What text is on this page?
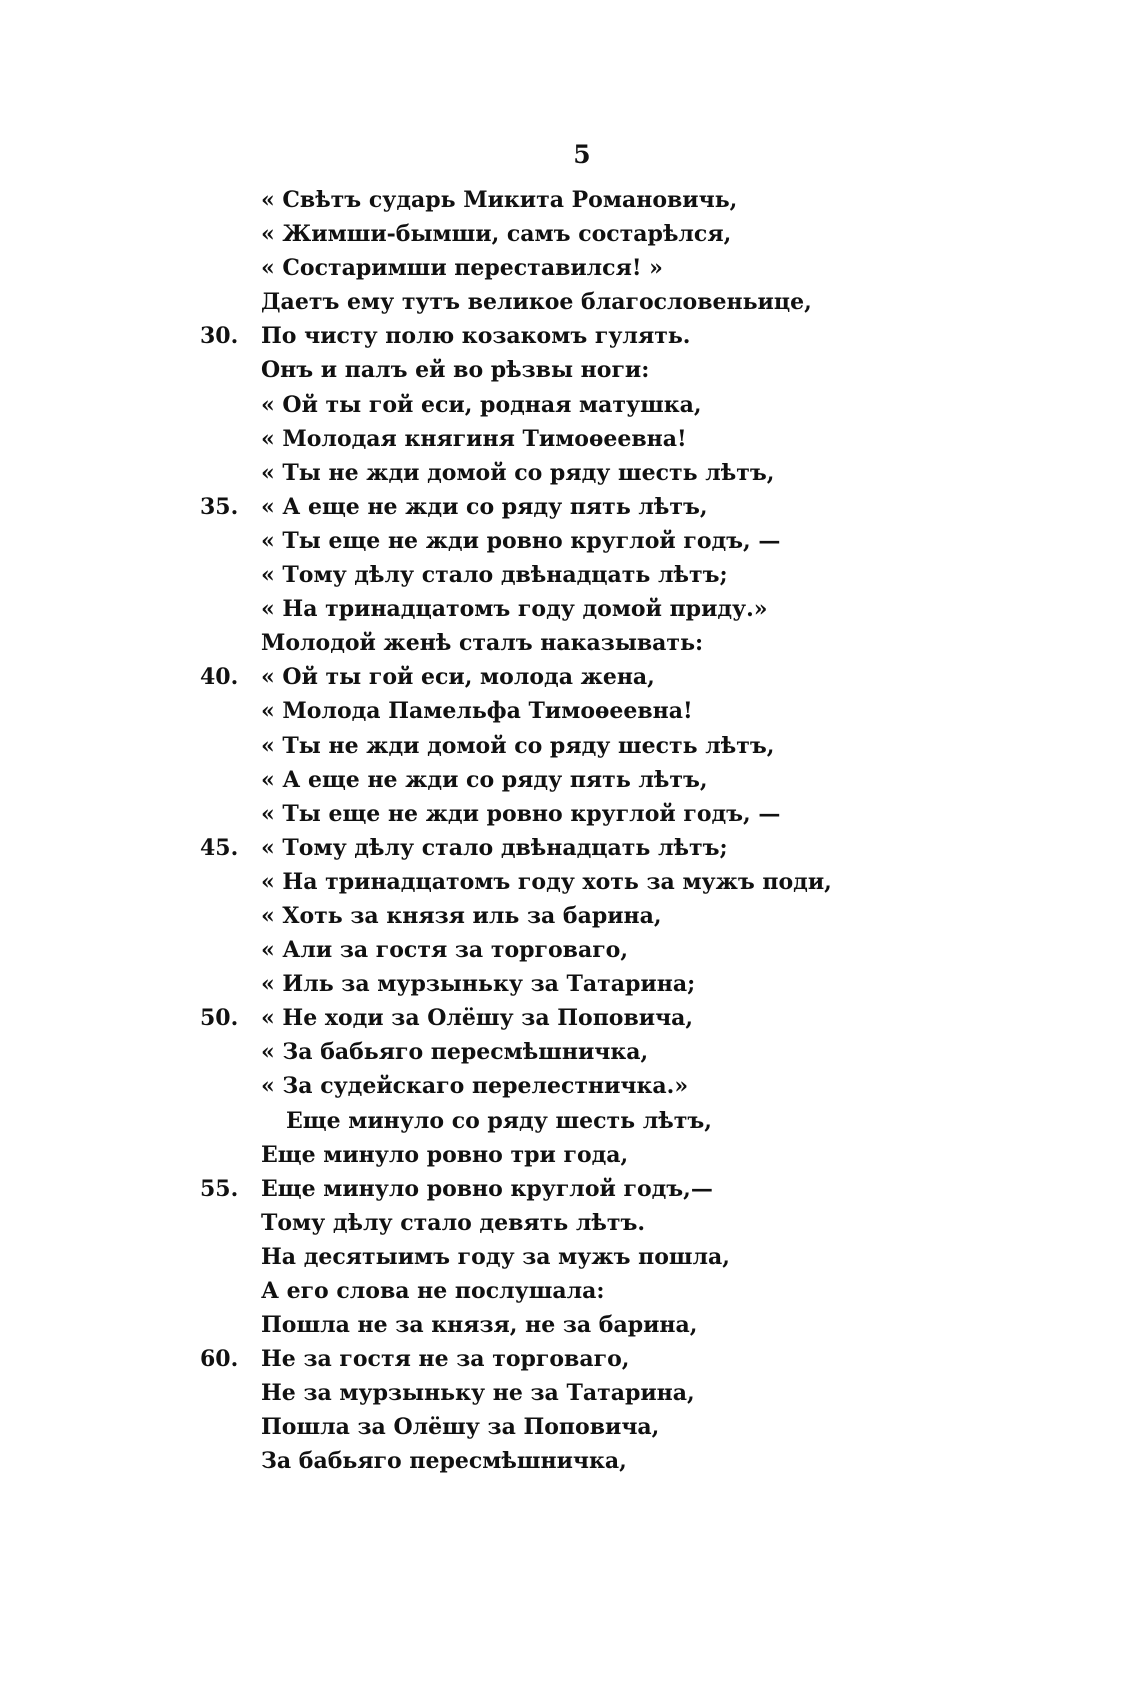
5
« Свѣтъ сударь Микита Романовичь,
« Жимши-бымши, самъ состарѣлся,
« Состаримши переставился! »
Даетъ ему тутъ великое благословеньице,
30.	По чисту полю козакомъ гулять.
Онъ и палъ ей во рѣзвы ноги:
« Ой ты гой еси, родная матушка,
« Молодая княгиня Тимоѳеевна!
« Ты не жди домой со ряду шесть лѣтъ,
35.	« А еще не жди со ряду пять лѣтъ,
« Ты еще не жди ровно круглой годъ, —
« Тому дѣлу стало двѣнадцать лѣтъ;
« На тринадцатомъ году домой приду.»
Молодой женѣ сталъ наказывать:
40.	« Ой ты гой еси, молода жена,
« Молода Памельфа Тимоѳеевна!
« Ты не жди домой со ряду шесть лѣтъ,
« А еще не жди со ряду пять лѣтъ,
« Ты еще не жди ровно круглой годъ, —
45.	« Тому дѣлу стало двѣнадцать лѣтъ;
« На тринадцатомъ году хоть за мужъ поди,
« Хоть за князя иль за барина,
« Али за гостя за торговаго,
« Иль за мурзыньку за Татарина;
50.	« Не ходи за Олёшу за Поповича,
« За бабьяго пересмѣшничка,
« За судейскаго перелестничка.»
Еще минуло со ряду шесть лѣтъ,
Еще минуло ровно три года,
55.	Еще минуло ровно круглой годъ,—
Тому дѣлу стало девять лѣтъ.
На десятыимъ году за мужъ пошла,
А его слова не послушала:
Пошла не за князя, не за барина,
60.	Не за гостя не за торговаго,
Не за мурзыньку не за Татарина,
Пошла за Олёшу за Поповича,
За бабьяго пересмѣшничка,
